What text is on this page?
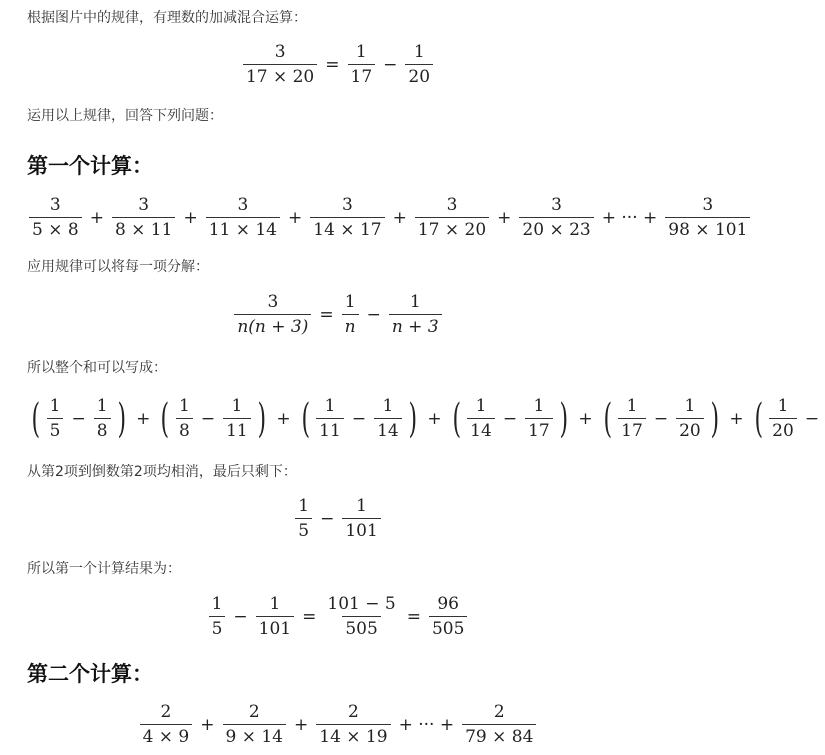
根据图片中的规律，有理数的加减混合运算：
$\frac{3}{17 \times 20} = \frac{1}{17} - \frac{1}{20}$
运用以上规律，回答下列问题：
第一个计算：
$\frac{3}{5 \times 8} + \frac{3}{8 \times 11} + \frac{3}{11 \times 14} + \frac{3}{14 \times 17} + \frac{3}{17 \times 20} + \frac{3}{20 \times 23}$ + ··· + $\frac{3}{98 \times 101}$
应用规律可以将每一项分解：
$\frac{3}{n(n + 3)} = \frac{1}{n} - \frac{1}{n + 3}$
所以整个和可以写成：
( $\frac{1}{5} - \frac{1}{8}$ ) + ( $\frac{1}{8} - \frac{1}{11}$ ) + ( $\frac{1}{11} - \frac{1}{14}$ ) + ( $\frac{1}{14} - \frac{1}{17}$ ) + ( $\frac{1}{17} - \frac{1}{20}$ ) + ( $\frac{1}{20}$ −
从第2项到倒数第2项均相消，最后只剩下：
$\frac{1}{5} - \frac{1}{101}$
所以第一个计算结果为：
$\frac{1}{5} - \frac{1}{101} = \frac{101 - 5}{505} = \frac{96}{505}$
第二个计算：
$\frac{2}{4 \times 9} + \frac{2}{9 \times 14} + \frac{2}{14 \times 19}$ + ··· + $\frac{2}{79 \times 84}$
